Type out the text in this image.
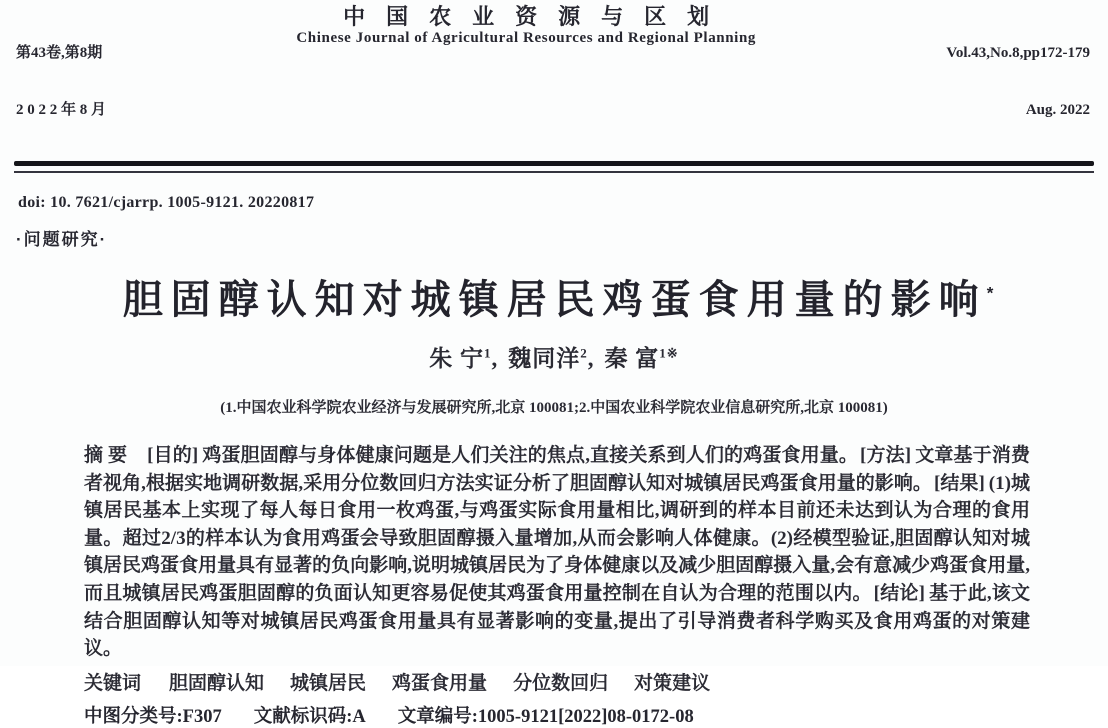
第43卷,第8期

2 0 2 2 年 8 月

中国农业资源与区划
Chinese Journal of Agricultural Resources and Regional Planning

Vol.43,No.8,pp172-179

Aug. 2022

doi: 10. 7621/cjarrp. 1005-9121. 20220817
·问题研究·
胆固醇认知对城镇居民鸡蛋食用量的影响*
朱 宁$^1$, 魏同洋$^2$, 秦 富$^{1※}$
(1.中国农业科学院农业经济与发展研究所,北京 100081;2.中国农业科学院农业信息研究所,北京 100081)

摘 要 [目的] 鸡蛋胆固醇与身体健康问题是人们关注的焦点,直接关系到人们的鸡蛋食用量。 [方法] 文章基于消费者视角,根据实地调研数据,采用分位数回归方法实证分析了胆固醇认知对城镇居民鸡蛋食用量的影响。 [结果] (1)城镇居民基本上实现了每人每日食用一枚鸡蛋,与鸡蛋实际食用量相比,调研到的样本目前还未达到认为合理的食用量。超过2/3的样本认为食用鸡蛋会导致胆固醇摄入量增加,从而会影响人体健康。(2)经模型验证,胆固醇认知对城镇居民鸡蛋食用量具有显著的负向影响,说明城镇居民为了身体健康以及减少胆固醇摄入量,会有意减少鸡蛋食用量,而且城镇居民鸡蛋胆固醇的负面认知更容易促使其鸡蛋食用量控制在自认为合理的范围以内。 [结论] 基于此,该文结合胆固醇认知等对城镇居民鸡蛋食用量具有显著影响的变量,提出了引导消费者科学购买及食用鸡蛋的对策建议。

关键词 胆固醇认知 城镇居民 鸡蛋食用量 分位数回归 对策建议
中图分类号:F307 文献标识码:A 文章编号:1005-9121[2022]08-0172-08
